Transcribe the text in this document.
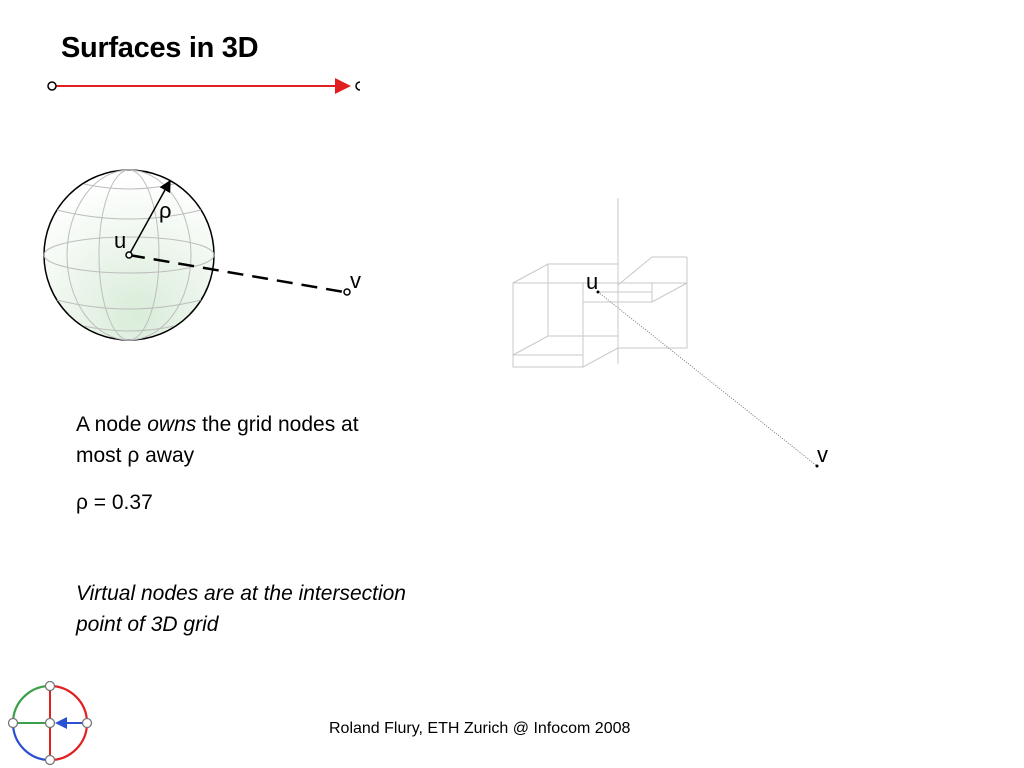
Surfaces in 3D
ρ
u
v	u
v
A node owns the grid nodes at most ρ away
ρ = 0.37
Virtual nodes are at the intersection point of 3D grid
Roland Flury, ETH Zurich @ Infocom 2008
